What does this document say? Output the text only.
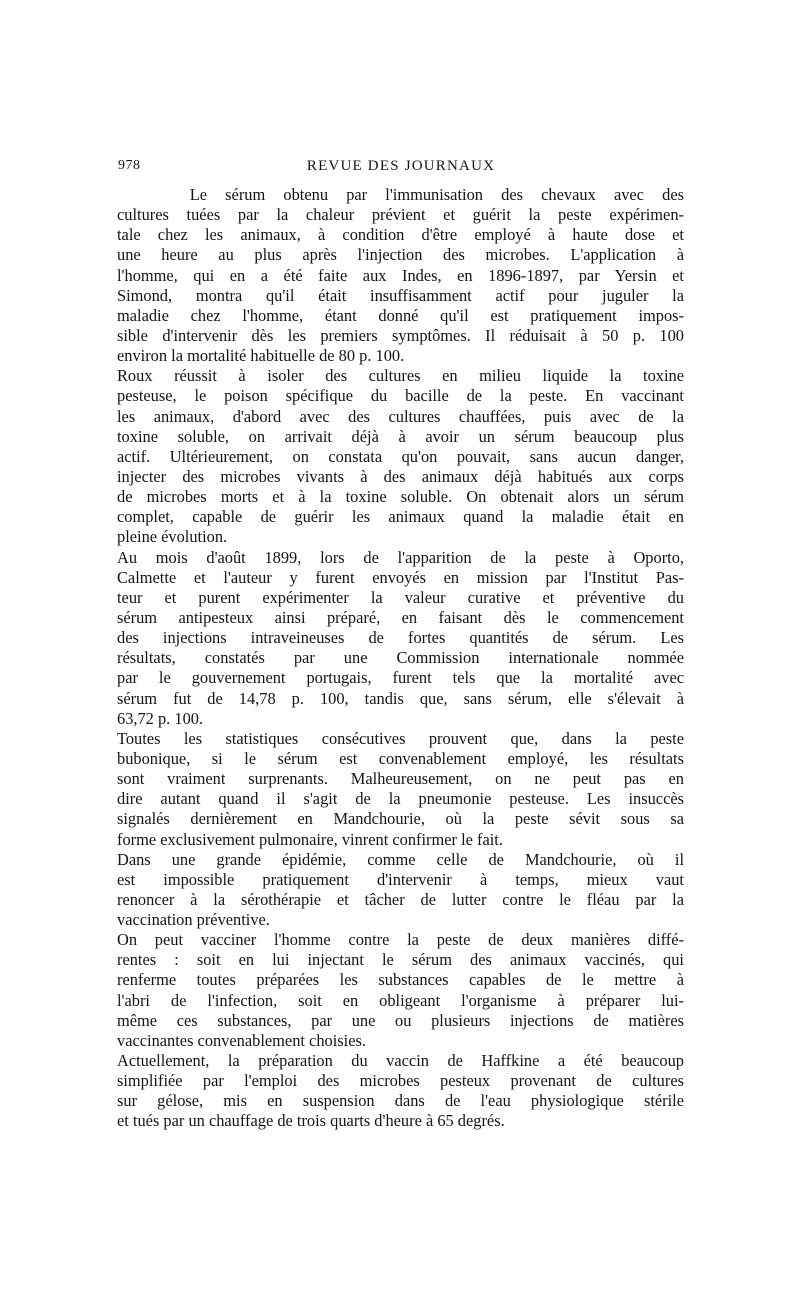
978	REVUE DES JOURNAUX
Le sérum obtenu par l'immunisation des chevaux avec des
cultures tuées par la chaleur prévient et guérit la peste expérimen-
tale chez les animaux, à condition d'être employé à haute dose et
une heure au plus après l'injection des microbes. L'application à
l'homme, qui en a été faite aux Indes, en 1896-1897, par Yersin et
Simond, montra qu'il était insuffisamment actif pour juguler la
maladie chez l'homme, étant donné qu'il est pratiquement impos-
sible d'intervenir dès les premiers symptômes. Il réduisait à 50 p. 100
environ la mortalité habituelle de 80 p. 100.
Roux réussit à isoler des cultures en milieu liquide la toxine
pesteuse, le poison spécifique du bacille de la peste. En vaccinant
les animaux, d'abord avec des cultures chauffées, puis avec de la
toxine soluble, on arrivait déjà à avoir un sérum beaucoup plus
actif. Ultérieurement, on constata qu'on pouvait, sans aucun danger,
injecter des microbes vivants à des animaux déjà habitués aux corps
de microbes morts et à la toxine soluble. On obtenait alors un sérum
complet, capable de guérir les animaux quand la maladie était en
pleine évolution.
Au mois d'août 1899, lors de l'apparition de la peste à Oporto,
Calmette et l'auteur y furent envoyés en mission par l'Institut Pas-
teur et purent expérimenter la valeur curative et préventive du
sérum antipesteux ainsi préparé, en faisant dès le commencement
des injections intraveineuses de fortes quantités de sérum. Les
résultats, constatés par une Commission internationale nommée
par le gouvernement portugais, furent tels que la mortalité avec
sérum fut de 14,78 p. 100, tandis que, sans sérum, elle s'élevait à
63,72 p. 100.
Toutes les statistiques consécutives prouvent que, dans la peste
bubonique, si le sérum est convenablement employé, les résultats
sont vraiment surprenants. Malheureusement, on ne peut pas en
dire autant quand il s'agit de la pneumonie pesteuse. Les insuccès
signalés dernièrement en Mandchourie, où la peste sévit sous sa
forme exclusivement pulmonaire, vinrent confirmer le fait.
Dans une grande épidémie, comme celle de Mandchourie, où il
est impossible pratiquement d'intervenir à temps, mieux vaut
renoncer à la sérothérapie et tâcher de lutter contre le fléau par la
vaccination préventive.
On peut vacciner l'homme contre la peste de deux manières diffé-
rentes : soit en lui injectant le sérum des animaux vaccinés, qui
renferme toutes préparées les substances capables de le mettre à
l'abri de l'infection, soit en obligeant l'organisme à préparer lui-
même ces substances, par une ou plusieurs injections de matières
vaccinantes convenablement choisies.
Actuellement, la préparation du vaccin de Haffkine a été beaucoup
simplifiée par l'emploi des microbes pesteux provenant de cultures
sur gélose, mis en suspension dans de l'eau physiologique stérile
et tués par un chauffage de trois quarts d'heure à 65 degrés.
